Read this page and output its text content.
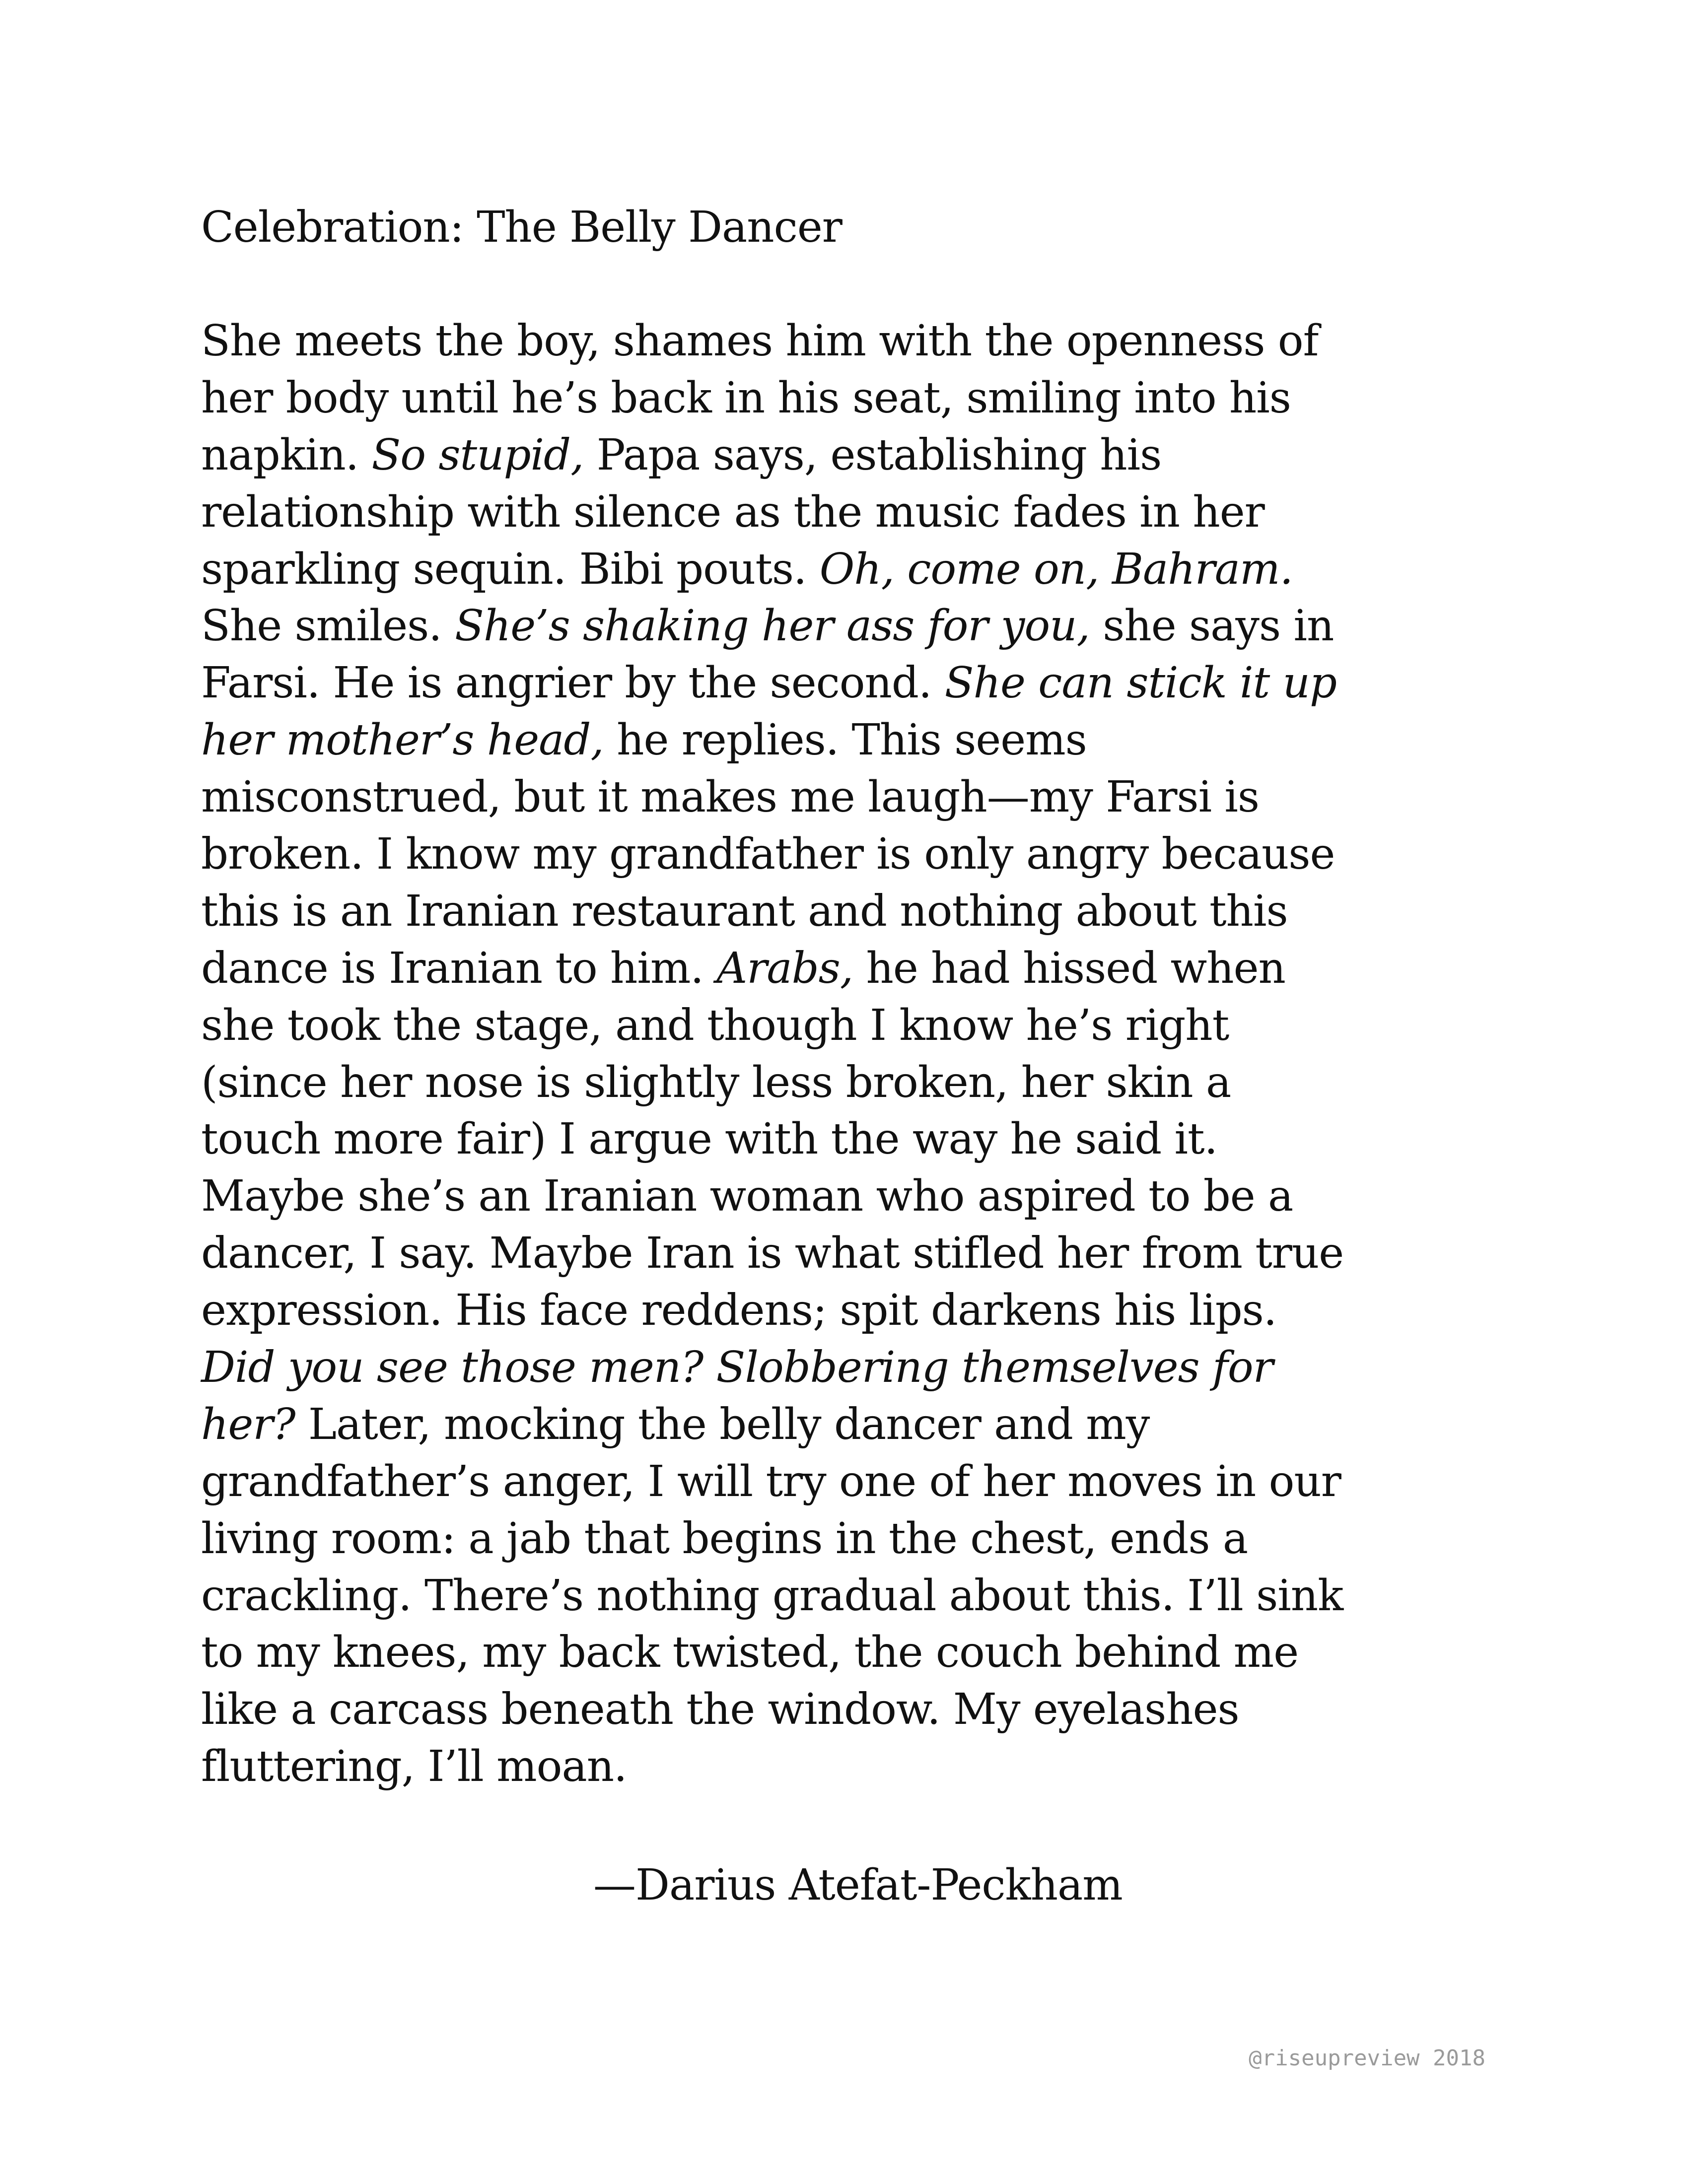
Celebration: The Belly Dancer
She meets the boy, shames him with the openness of
her body until he’s back in his seat, smiling into his
napkin. So stupid, Papa says, establishing his
relationship with silence as the music fades in her
sparkling sequin. Bibi pouts. Oh, come on, Bahram.
She smiles. She’s shaking her ass for you, she says in
Farsi. He is angrier by the second. She can stick it up
her mother’s head, he replies. This seems
misconstrued, but it makes me laugh—my Farsi is
broken. I know my grandfather is only angry because
this is an Iranian restaurant and nothing about this
dance is Iranian to him. Arabs, he had hissed when
she took the stage, and though I know he’s right
(since her nose is slightly less broken, her skin a
touch more fair) I argue with the way he said it.
Maybe she’s an Iranian woman who aspired to be a
dancer, I say. Maybe Iran is what stifled her from true
expression. His face reddens; spit darkens his lips.
Did you see those men? Slobbering themselves for
her? Later, mocking the belly dancer and my
grandfather’s anger, I will try one of her moves in our
living room: a jab that begins in the chest, ends a
crackling. There’s nothing gradual about this. I’ll sink
to my knees, my back twisted, the couch behind me
like a carcass beneath the window. My eyelashes
fluttering, I’ll moan.
—Darius Atefat-Peckham
@riseupreview 2018
